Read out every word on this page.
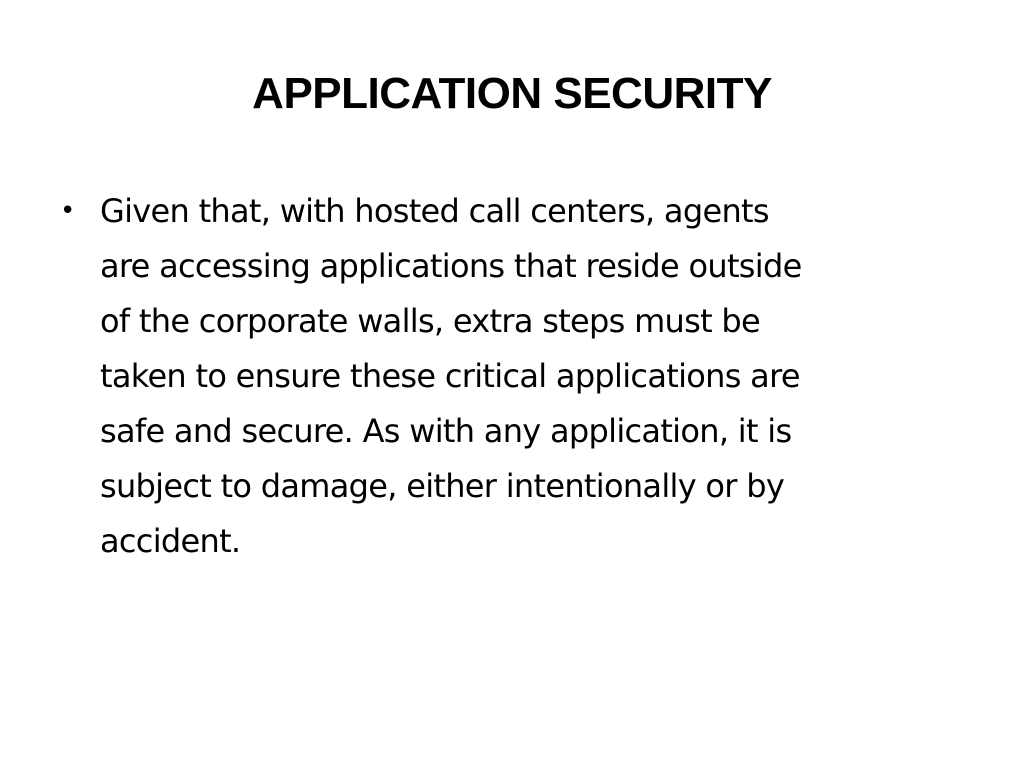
APPLICATION SECURITY
• Given that, with hosted call centers, agents
are accessing applications that reside outside
of the corporate walls, extra steps must be
taken to ensure these critical applications are
safe and secure. As with any application, it is
subject to damage, either intentionally or by
accident.
